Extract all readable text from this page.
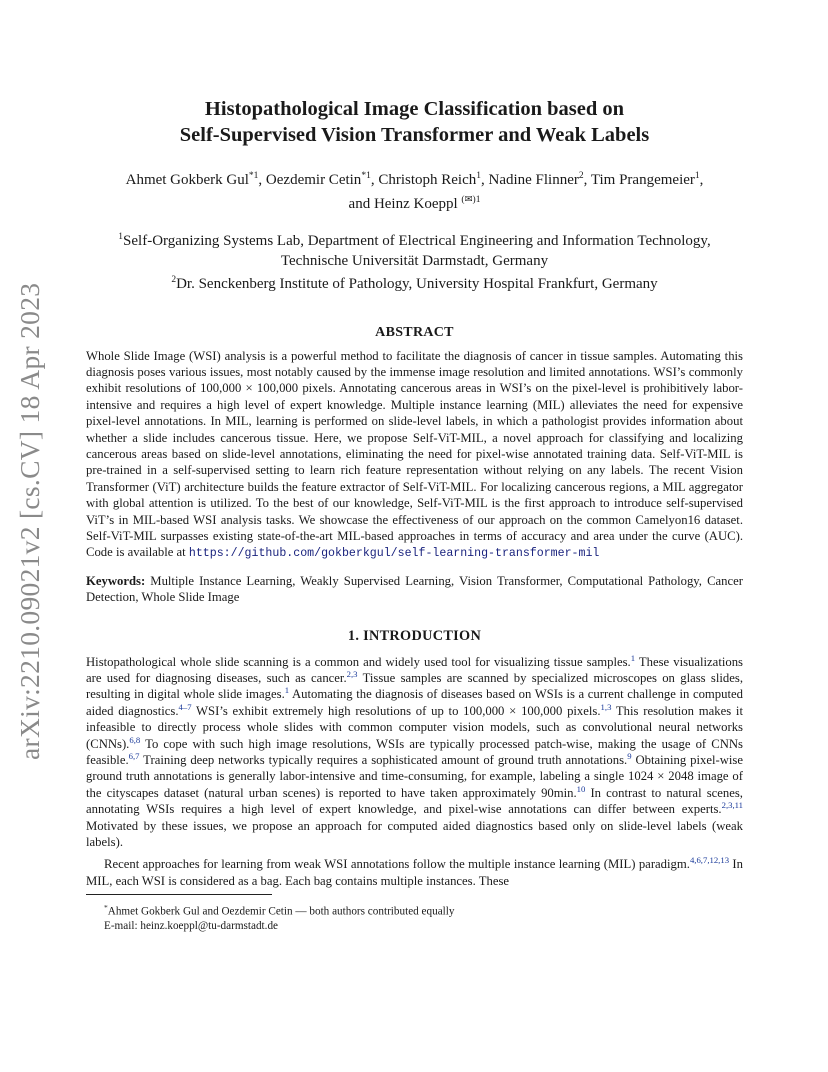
arXiv:2210.09021v2 [cs.CV] 18 Apr 2023
Histopathological Image Classification based on
Self-Supervised Vision Transformer and Weak Labels
Ahmet Gokberk Gul$^{*1}$, Oezdemir Cetin$^{*1}$, Christoph Reich$^1$, Nadine Flinner$^2$, Tim Prangemeier$^1$, and Heinz Koeppl $^{(✉)1}$
$^1$Self-Organizing Systems Lab, Department of Electrical Engineering and Information Technology, Technische Universität Darmstadt, Germany
$^2$Dr. Senckenberg Institute of Pathology, University Hospital Frankfurt, Germany
ABSTRACT

Whole Slide Image (WSI) analysis is a powerful method to facilitate the diagnosis of cancer in tissue samples. Automating this diagnosis poses various issues, most notably caused by the immense image resolution and limited annotations. WSI’s commonly exhibit resolutions of 100,000 × 100,000 pixels. Annotating cancerous areas in WSI’s on the pixel-level is prohibitively labor-intensive and requires a high level of expert knowledge. Multiple instance learning (MIL) alleviates the need for expensive pixel-level annotations. In MIL, learning is performed on slide-level labels, in which a pathologist provides information about whether a slide includes cancerous tissue. Here, we propose Self-ViT-MIL, a novel approach for classifying and localizing cancerous areas based on slide-level annotations, eliminating the need for pixel-wise annotated training data. Self-ViT-MIL is pre-trained in a self-supervised setting to learn rich feature representation without relying on any labels. The recent Vision Transformer (ViT) architecture builds the feature extractor of Self-ViT-MIL. For localizing cancerous regions, a MIL aggregator with global attention is utilized. To the best of our knowledge, Self-ViT-MIL is the first approach to introduce self-supervised ViT’s in MIL-based WSI analysis tasks. We showcase the effectiveness of our approach on the common Camelyon16 dataset. Self-ViT-MIL surpasses existing state-of-the-art MIL-based approaches in terms of accuracy and area under the curve (AUC). Code is available at https://github.com/gokberkgul/self-learning-transformer-mil

Keywords: Multiple Instance Learning, Weakly Supervised Learning, Vision Transformer, Computational Pathology, Cancer Detection, Whole Slide Image

1. INTRODUCTION

Histopathological whole slide scanning is a common and widely used tool for visualizing tissue samples.$^1$ These visualizations are used for diagnosing diseases, such as cancer.$^{2,3}$ Tissue samples are scanned by specialized microscopes on glass slides, resulting in digital whole slide images.$^1$ Automating the diagnosis of diseases based on WSIs is a current challenge in computed aided diagnostics.$^{4-7}$ WSI’s exhibit extremely high resolutions of up to 100,000 × 100,000 pixels.$^{1,3}$ This resolution makes it infeasible to directly process whole slides with common computer vision models, such as convolutional neural networks (CNNs).$^{6,8}$ To cope with such high image resolutions, WSIs are typically processed patch-wise, making the usage of CNNs feasible.$^{6,7}$ Training deep networks typically requires a sophisticated amount of ground truth annotations.$^9$ Obtaining pixel-wise ground truth annotations is generally labor-intensive and time-consuming, for example, labeling a single 1024 × 2048 image of the cityscapes dataset (natural urban scenes) is reported to have taken approximately 90min.$^{10}$ In contrast to natural scenes, annotating WSIs requires a high level of expert knowledge, and pixel-wise annotations can differ between experts.$^{2,3,11}$ Motivated by these issues, we propose an approach for computed aided diagnostics based only on slide-level labels (weak labels).

Recent approaches for learning from weak WSI annotations follow the multiple instance learning (MIL) paradigm.$^{4,6,7,12,13}$ In MIL, each WSI is considered as a bag. Each bag contains multiple instances. These

*Ahmet Gokberk Gul and Oezdemir Cetin — both authors contributed equally
E-mail: heinz.koeppl@tu-darmstadt.de
